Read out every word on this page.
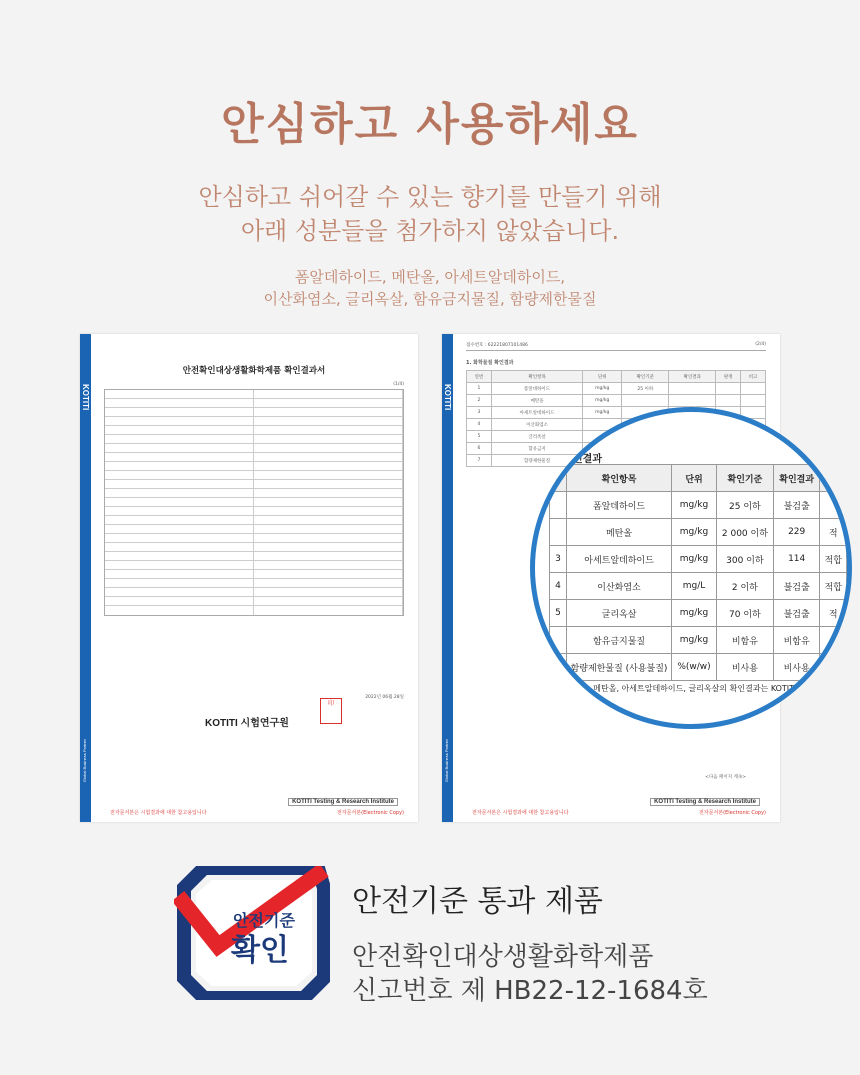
안심하고 사용하세요
안심하고 쉬어갈 수 있는 향기를 만들기 위해
아래 성분들을 첨가하지 않았습니다.
폼알데하이드, 메탄올, 아세트알데하이드,
이산화염소, 글리옥살, 함유금지물질, 함량제한물질
KOTITI
Global Business Partner
안전확인대상생활화학제품 확인결과서
(1/4)
2022년 06월 28일
KOTITI 시험연구원
印
KOTITI Testing & Research Institute
전자문서본은 시험결과에 대한 참고용입니다	전자문서본(Electronic Copy)
KOTITI
Global Business Partner
접수번호 : 62221807101486	(2/4)
1. 화학물질 확인결과
연번	확인항목	단위	확인기준	확인결과	판정	비고
1	폼알데하이드	mg/kg	25 이하			
2	메탄올	mg/kg				
3	아세트알데하이드	mg/kg				
4	이산화염소					
5	글리옥살					
6	함유금지					
7	함량제한물질					
<다음 페이지 계속>
KOTITI Testing & Research Institute
전자문서본은 시험결과에 대한 참고용입니다	전자문서본(Electronic Copy)
인결과
	확인항목	단위	확인기준	확인결과	
	폼알데하이드	mg/kg	25 이하	불검출	
	메탄올	mg/kg	2 000 이하	229	적
3	아세트알데하이드	mg/kg	300 이하	114	적합
4	이산화염소	mg/L	2 이하	불검출	적합
5	글리옥살	mg/kg	70 이하	불검출	적
	함유금지물질	mg/kg	비함유	비함유	
	함량제한물질 (사용불질)	%(w/w)	비사용	비사용	
하이드, 메탄올, 아세트알데하이드, 글리옥살의 확인결과는 KOTITI에
됨
안전기준
확인
안전기준 통과 제품
안전확인대상생활화학제품
신고번호 제 HB22-12-1684호
